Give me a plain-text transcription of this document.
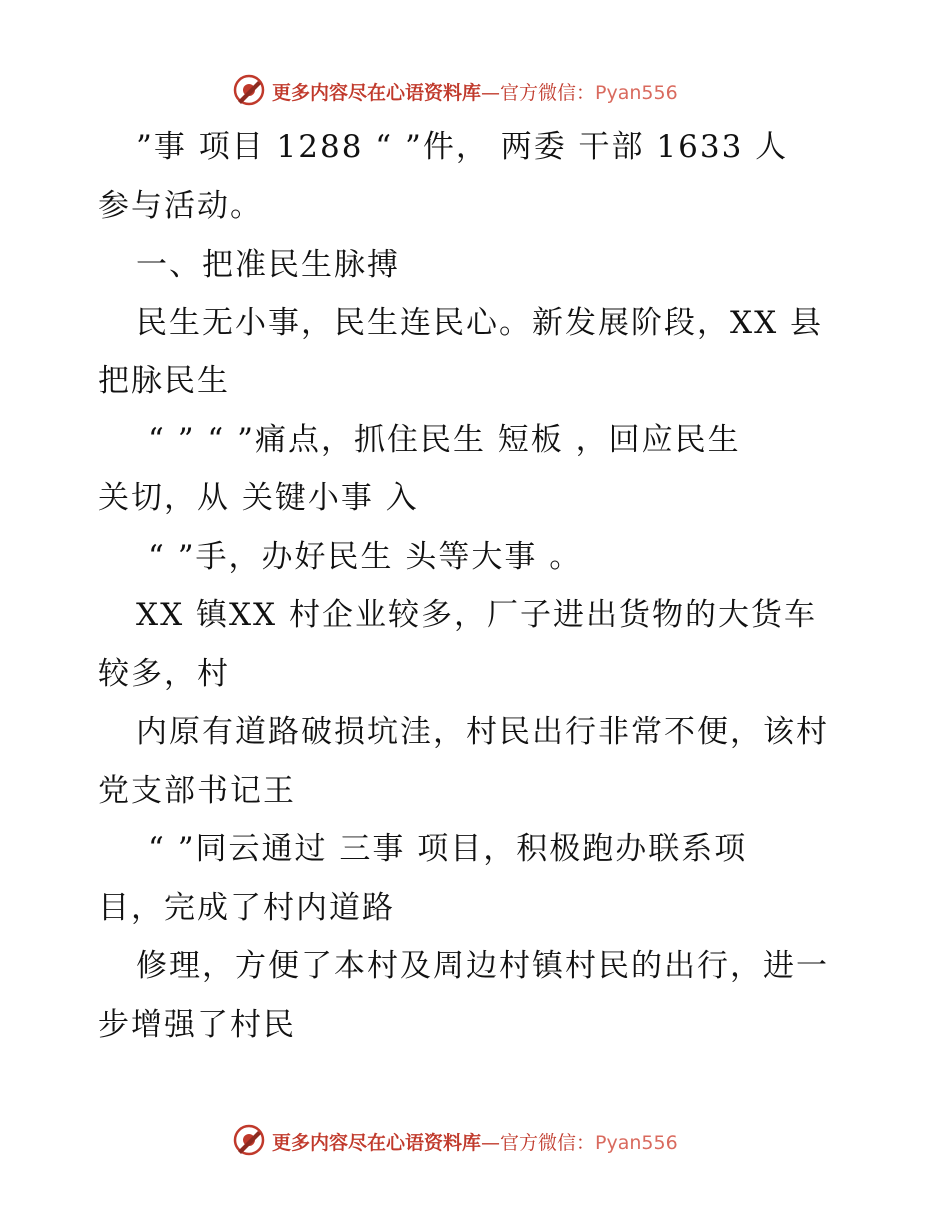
更多内容尽在心语资料库—官方微信：Pyan556
”事 项目 1288 “ ”件， 两委 干部 1633 人
参与活动。
一、把准民生脉搏
民生无小事，民生连民心。新发展阶段，XX 县
把脉民生
“ ” “ ”痛点，抓住民生 短板 ，回应民生
关切，从 关键小事 入
“ ”手，办好民生 头等大事 。
XX 镇XX 村企业较多，厂子进出货物的大货车
较多，村
内原有道路破损坑洼，村民出行非常不便，该村
党支部书记王
“ ”同云通过 三事 项目，积极跑办联系项
目，完成了村内道路
修理，方便了本村及周边村镇村民的出行，进一
步增强了村民
更多内容尽在心语资料库—官方微信：Pyan556
